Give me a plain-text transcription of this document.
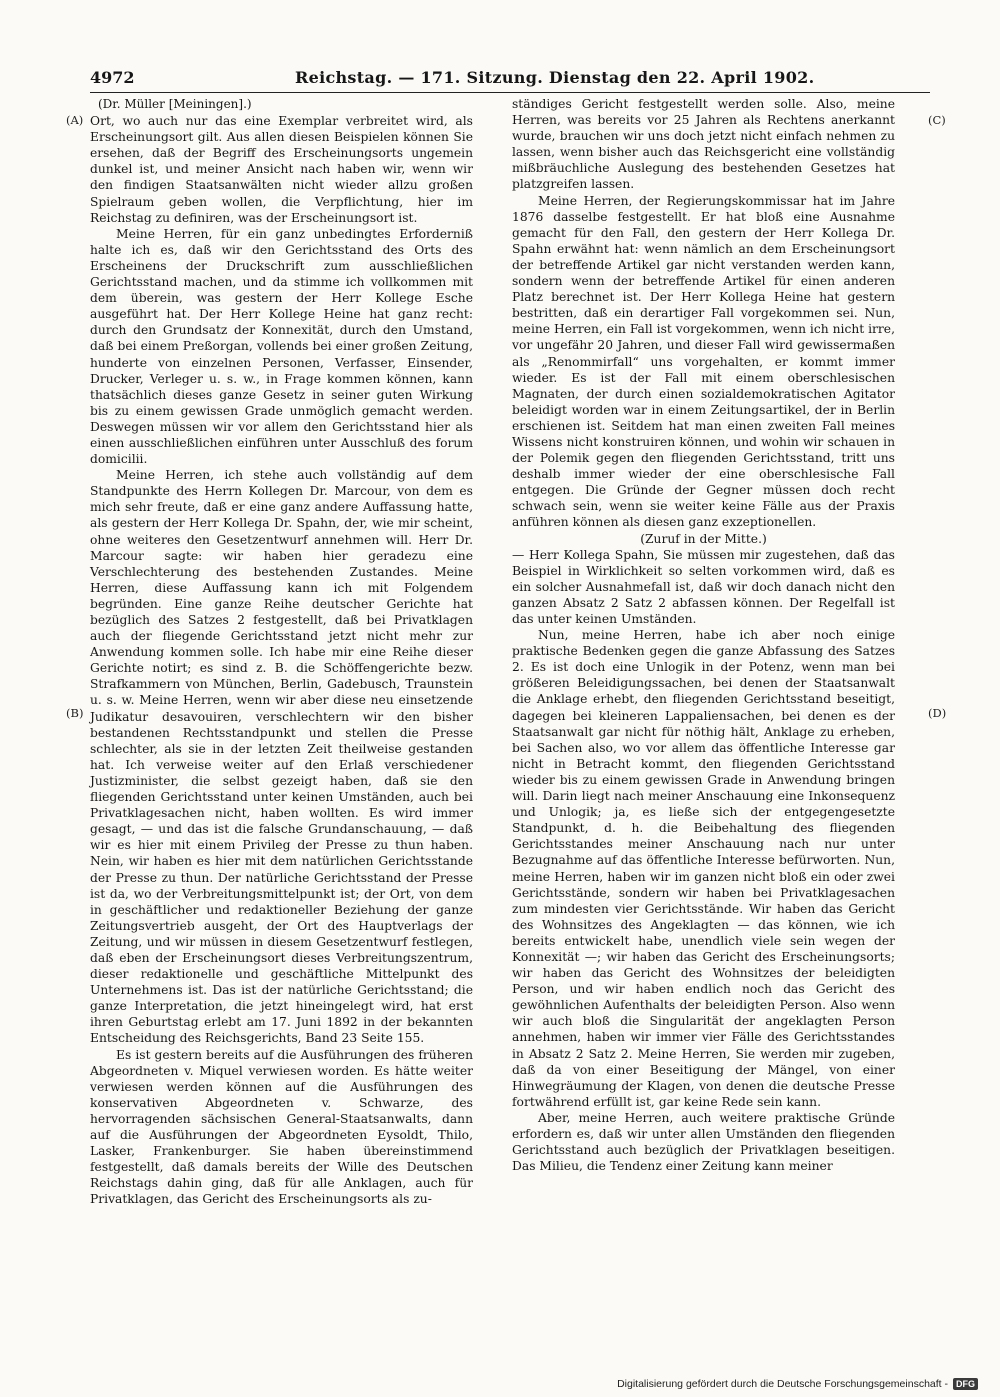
4972	Reichstag. — 171. Sitzung. Dienstag den 22. April 1902.
(A)
(B)
(C)
(D)
(Dr. Müller [Meiningen].)

Ort, wo auch nur das eine Exemplar verbreitet wird, als Erscheinungsort gilt. Aus allen diesen Beispielen können Sie ersehen, daß der Begriff des Erscheinungsorts ungemein dunkel ist, und meiner Ansicht nach haben wir, wenn wir den findigen Staatsanwälten nicht wieder allzu großen Spielraum geben wollen, die Verpflichtung, hier im Reichstag zu definiren, was der Erscheinungsort ist.

Meine Herren, für ein ganz unbedingtes Erforderniß halte ich es, daß wir den Gerichtsstand des Orts des Erscheinens der Druckschrift zum ausschließlichen Gerichtsstand machen, und da stimme ich vollkommen mit dem überein, was gestern der Herr Kollege Esche ausgeführt hat. Der Herr Kollege Heine hat ganz recht: durch den Grundsatz der Konnexität, durch den Umstand, daß bei einem Preßorgan, vollends bei einer großen Zeitung, hunderte von einzelnen Personen, Verfasser, Einsender, Drucker, Verleger u. s. w., in Frage kommen können, kann thatsächlich dieses ganze Gesetz in seiner guten Wirkung bis zu einem gewissen Grade unmöglich gemacht werden. Deswegen müssen wir vor allem den Gerichtsstand hier als einen ausschließlichen einführen unter Ausschluß des forum domicilii.

Meine Herren, ich stehe auch vollständig auf dem Standpunkte des Herrn Kollegen Dr. Marcour, von dem es mich sehr freute, daß er eine ganz andere Auffassung hatte, als gestern der Herr Kollega Dr. Spahn, der, wie mir scheint, ohne weiteres den Gesetzentwurf annehmen will. Herr Dr. Marcour sagte: wir haben hier geradezu eine Verschlechterung des bestehenden Zustandes. Meine Herren, diese Auffassung kann ich mit Folgendem begründen. Eine ganze Reihe deutscher Gerichte hat bezüglich des Satzes 2 festgestellt, daß bei Privatklagen auch der fliegende Gerichtsstand jetzt nicht mehr zur Anwendung kommen solle. Ich habe mir eine Reihe dieser Gerichte notirt; es sind z. B. die Schöffengerichte bezw. Strafkammern von München, Berlin, Gadebusch, Traunstein u. s. w. Meine Herren, wenn wir aber diese neu einsetzende Judikatur desavouiren, verschlechtern wir den bisher bestandenen Rechtsstandpunkt und stellen die Presse schlechter, als sie in der letzten Zeit theilweise gestanden hat. Ich verweise weiter auf den Erlaß verschiedener Justizminister, die selbst gezeigt haben, daß sie den fliegenden Gerichtsstand unter keinen Umständen, auch bei Privatklagesachen nicht, haben wollten. Es wird immer gesagt, — und das ist die falsche Grundanschauung, — daß wir es hier mit einem Privileg der Presse zu thun haben. Nein, wir haben es hier mit dem natürlichen Gerichtsstande der Presse zu thun. Der natürliche Gerichtsstand der Presse ist da, wo der Verbreitungsmittelpunkt ist; der Ort, von dem in geschäftlicher und redaktioneller Beziehung der ganze Zeitungsvertrieb ausgeht, der Ort des Hauptverlags der Zeitung, und wir müssen in diesem Gesetzentwurf festlegen, daß eben der Erscheinungsort dieses Verbreitungszentrum, dieser redaktionelle und geschäftliche Mittelpunkt des Unternehmens ist. Das ist der natürliche Gerichtsstand; die ganze Interpretation, die jetzt hineingelegt wird, hat erst ihren Geburtstag erlebt am 17. Juni 1892 in der bekannten Entscheidung des Reichsgerichts, Band 23 Seite 155.

Es ist gestern bereits auf die Ausführungen des früheren Abgeordneten v. Miquel verwiesen worden. Es hätte weiter verwiesen werden können auf die Ausführungen des konservativen Abgeordneten v. Schwarze, des hervorragenden sächsischen General-Staatsanwalts, dann auf die Ausführungen der Abgeordneten Eysoldt, Thilo, Lasker, Frankenburger. Sie haben übereinstimmend festgestellt, daß damals bereits der Wille des Deutschen Reichstags dahin ging, daß für alle Anklagen, auch für Privatklagen, das Gericht des Erscheinungsorts als zu-

ständiges Gericht festgestellt werden solle. Also, meine Herren, was bereits vor 25 Jahren als Rechtens anerkannt wurde, brauchen wir uns doch jetzt nicht einfach nehmen zu lassen, wenn bisher auch das Reichsgericht eine vollständig mißbräuchliche Auslegung des bestehenden Gesetzes hat platzgreifen lassen.

Meine Herren, der Regierungskommissar hat im Jahre 1876 dasselbe festgestellt. Er hat bloß eine Ausnahme gemacht für den Fall, den gestern der Herr Kollega Dr. Spahn erwähnt hat: wenn nämlich an dem Erscheinungsort der betreffende Artikel gar nicht verstanden werden kann, sondern wenn der betreffende Artikel für einen anderen Platz berechnet ist. Der Herr Kollega Heine hat gestern bestritten, daß ein derartiger Fall vorgekommen sei. Nun, meine Herren, ein Fall ist vorgekommen, wenn ich nicht irre, vor ungefähr 20 Jahren, und dieser Fall wird gewissermaßen als „Renommirfall“ uns vorgehalten, er kommt immer wieder. Es ist der Fall mit einem oberschlesischen Magnaten, der durch einen sozialdemokratischen Agitator beleidigt worden war in einem Zeitungsartikel, der in Berlin erschienen ist. Seitdem hat man einen zweiten Fall meines Wissens nicht konstruiren können, und wohin wir schauen in der Polemik gegen den fliegenden Gerichtsstand, tritt uns deshalb immer wieder der eine oberschlesische Fall entgegen. Die Gründe der Gegner müssen doch recht schwach sein, wenn sie weiter keine Fälle aus der Praxis anführen können als diesen ganz exzeptionellen.

(Zuruf in der Mitte.)

— Herr Kollega Spahn, Sie müssen mir zugestehen, daß das Beispiel in Wirklichkeit so selten vorkommen wird, daß es ein solcher Ausnahmefall ist, daß wir doch danach nicht den ganzen Absatz 2 Satz 2 abfassen können. Der Regelfall ist das unter keinen Umständen.

Nun, meine Herren, habe ich aber noch einige praktische Bedenken gegen die ganze Abfassung des Satzes 2. Es ist doch eine Unlogik in der Potenz, wenn man bei größeren Beleidigungssachen, bei denen der Staatsanwalt die Anklage erhebt, den fliegenden Gerichtsstand beseitigt, dagegen bei kleineren Lappaliensachen, bei denen es der Staatsanwalt gar nicht für nöthig hält, Anklage zu erheben, bei Sachen also, wo vor allem das öffentliche Interesse gar nicht in Betracht kommt, den fliegenden Gerichtsstand wieder bis zu einem gewissen Grade in Anwendung bringen will. Darin liegt nach meiner Anschauung eine Inkonsequenz und Unlogik; ja, es ließe sich der entgegengesetzte Standpunkt, d. h. die Beibehaltung des fliegenden Gerichtsstandes meiner Anschauung nach nur unter Bezugnahme auf das öffentliche Interesse befürworten. Nun, meine Herren, haben wir im ganzen nicht bloß ein oder zwei Gerichtsstände, sondern wir haben bei Privatklagesachen zum mindesten vier Gerichtsstände. Wir haben das Gericht des Wohnsitzes des Angeklagten — das können, wie ich bereits entwickelt habe, unendlich viele sein wegen der Konnexität —; wir haben das Gericht des Erscheinungsorts; wir haben das Gericht des Wohnsitzes der beleidigten Person, und wir haben endlich noch das Gericht des gewöhnlichen Aufenthalts der beleidigten Person. Also wenn wir auch bloß die Singularität der angeklagten Person annehmen, haben wir immer vier Fälle des Gerichtsstandes in Absatz 2 Satz 2. Meine Herren, Sie werden mir zugeben, daß da von einer Beseitigung der Mängel, von einer Hinwegräumung der Klagen, von denen die deutsche Presse fortwährend erfüllt ist, gar keine Rede sein kann.

Aber, meine Herren, auch weitere praktische Gründe erfordern es, daß wir unter allen Umständen den fliegenden Gerichtsstand auch bezüglich der Privatklagen beseitigen. Das Milieu, die Tendenz einer Zeitung kann meiner

Digitalisierung gefördert durch die Deutsche Forschungsgemeinschaft - DFG
